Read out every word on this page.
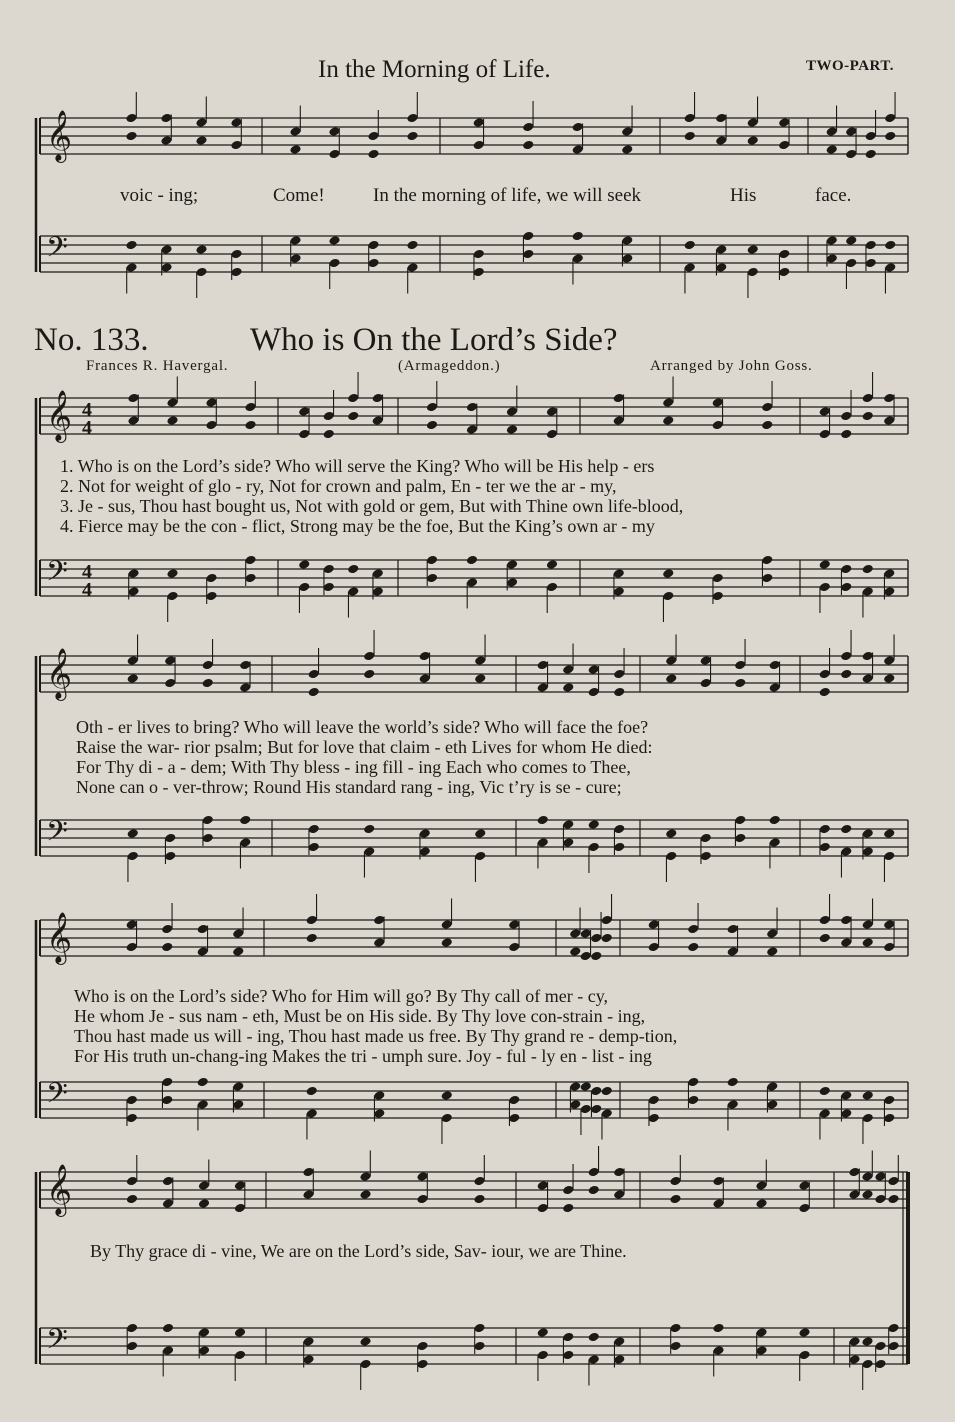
𝄞
𝄢
𝄞
𝄢
𝄞
𝄢
𝄞
𝄢
𝄞
𝄢
4
4
4
4
In the Morning of Life.	TWO-PART.
voic - ing;	Come!	In the morning of life, we will seek	His	face.
No. 133.	Who is On the Lord’s Side?
Frances R. Havergal.	(Armageddon.)	Arranged by John Goss.
1. Who is on the Lord’s side? Who will serve the King? Who will be His help - ers
2. Not for weight of glo - ry, Not for crown and palm, En - ter we the ar - my,
3. Je - sus, Thou hast bought us, Not with gold or gem, But with Thine own life-blood,
4. Fierce may be the con - flict, Strong may be the foe, But the King’s own ar - my
Oth - er lives to bring? Who will leave the world’s side? Who will face the foe?
Raise the war- rior psalm; But for love that claim - eth Lives for whom He died:
For Thy di - a - dem; With Thy bless - ing fill - ing Each who comes to Thee,
None can o - ver-throw; Round His standard rang - ing, Vic t’ry is se - cure;
Who is on the Lord’s side? Who for Him will go? By Thy call of mer - cy,
He whom Je - sus nam - eth, Must be on His side. By Thy love con-strain - ing,
Thou hast made us will - ing, Thou hast made us free. By Thy grand re - demp-tion,
For His truth un-chang-ing Makes the tri - umph sure. Joy - ful - ly en - list - ing
By Thy grace di - vine, We are on the Lord’s side, Sav- iour, we are Thine.
